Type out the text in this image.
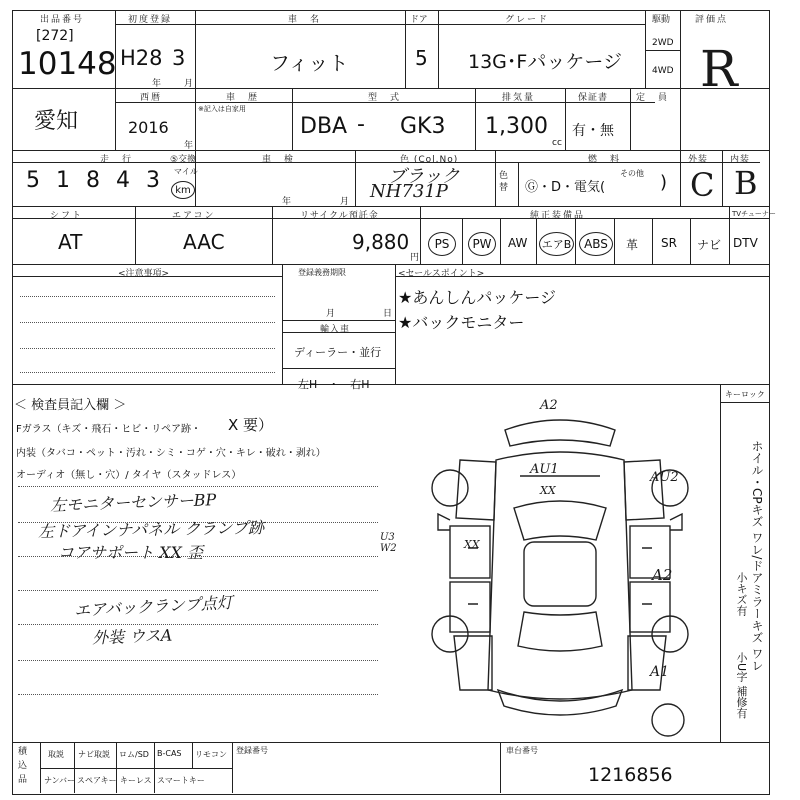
出品番号
[272]
10148
初度登録
H28 3
年 月
車　名
フィット
ドア
5
グレード
13G･Fパッケージ
駆動
2WD
4WD
評価点
R
愛知
西暦
2016
年
車　歴
※記入は自家用
型　式
DBA - GK3
排気量
1,300
cc
保証書
有・無
定　員
走　行	⑤交換
5 1 8 4 3	マイル
km
車　検
年	月
色 (Col.No)
ブラック
NH731P
色替
燃　料
Ⓖ・D・電気(
その他 )
外装
C
内装
B
シフト
AT
エアコン
AAC
リサイクル預託金
9,880
円
純正装備品	TVチューナー
PS PW AW エアB ABS 革 SR ナビ DTV
<注意事項>	登録義務期限
月	日
輸入車
ディーラー・並行
左H　・　右H
<セールスポイント>
★あんしんパッケージ
★バックモニター
＜ 検査員記入欄 ＞
Fガラス（キズ・飛石・ヒビ・リペア跡・ X 要）
内装（タバコ・ペット・汚れ・シミ・コゲ・穴・キレ・破れ・剥れ）
オーディオ（無し・穴）/ タイヤ（スタッドレス）
左モニターセンサーBP
左ドアインナパネル クランプ跡
コアサポート XX 歪
エアバックランプ点灯
外装 ウスA
キーロック
ホイル・CPキズ ワレ/ドアミラーキズ ワレ
小キズ有
小U字 補修有
A2
AU1
XX
AU2
U3 W2	XX
A2
A1
積
込
品
取説 ナビ取説 ロム/SD B-CAS リモコン
ナンバー スペアキー キーレス スマートキー
登録番号	車台番号
1216856
